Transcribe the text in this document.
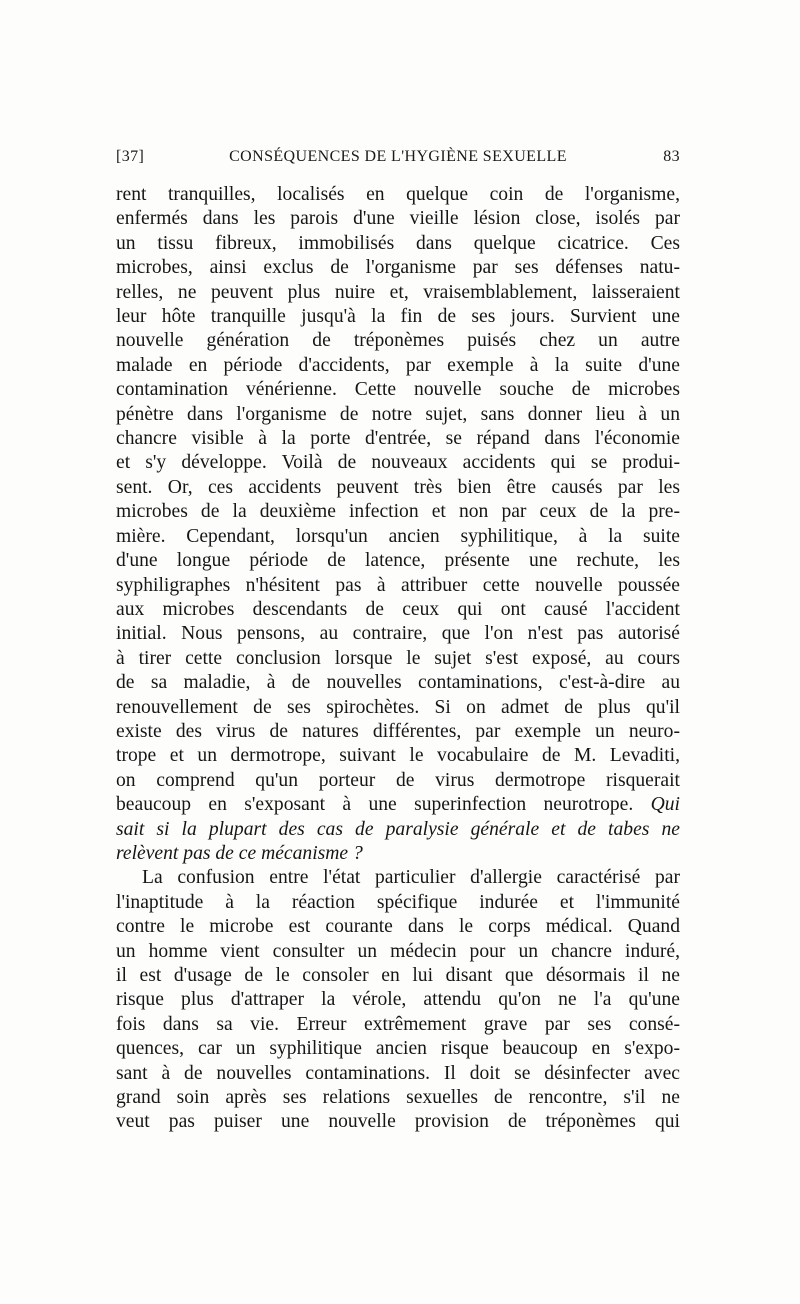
CONSÉQUENCES DE L'HYGIÈNE SEXUELLE
[37]	83
rent tranquilles, localisés en quelque coin de l'organisme,
enfermés dans les parois d'une vieille lésion close, isolés par
un tissu fibreux, immobilisés dans quelque cicatrice. Ces
microbes, ainsi exclus de l'organisme par ses défenses natu-
relles, ne peuvent plus nuire et, vraisemblablement, laisseraient
leur hôte tranquille jusqu'à la fin de ses jours. Survient une
nouvelle génération de tréponèmes puisés chez un autre
malade en période d'accidents, par exemple à la suite d'une
contamination vénérienne. Cette nouvelle souche de microbes
pénètre dans l'organisme de notre sujet, sans donner lieu à un
chancre visible à la porte d'entrée, se répand dans l'économie
et s'y développe. Voilà de nouveaux accidents qui se produi-
sent. Or, ces accidents peuvent très bien être causés par les
microbes de la deuxième infection et non par ceux de la pre-
mière. Cependant, lorsqu'un ancien syphilitique, à la suite
d'une longue période de latence, présente une rechute, les
syphiligraphes n'hésitent pas à attribuer cette nouvelle poussée
aux microbes descendants de ceux qui ont causé l'accident
initial. Nous pensons, au contraire, que l'on n'est pas autorisé
à tirer cette conclusion lorsque le sujet s'est exposé, au cours
de sa maladie, à de nouvelles contaminations, c'est-à-dire au
renouvellement de ses spirochètes. Si on admet de plus qu'il
existe des virus de natures différentes, par exemple un neuro-
trope et un dermotrope, suivant le vocabulaire de M. Levaditi,
on comprend qu'un porteur de virus dermotrope risquerait
beaucoup en s'exposant à une superinfection neurotrope. Qui
sait si la plupart des cas de paralysie générale et de tabes ne
relèvent pas de ce mécanisme ?
La confusion entre l'état particulier d'allergie caractérisé par
l'inaptitude à la réaction spécifique indurée et l'immunité
contre le microbe est courante dans le corps médical. Quand
un homme vient consulter un médecin pour un chancre induré,
il est d'usage de le consoler en lui disant que désormais il ne
risque plus d'attraper la vérole, attendu qu'on ne l'a qu'une
fois dans sa vie. Erreur extrêmement grave par ses consé-
quences, car un syphilitique ancien risque beaucoup en s'expo-
sant à de nouvelles contaminations. Il doit se désinfecter avec
grand soin après ses relations sexuelles de rencontre, s'il ne
veut pas puiser une nouvelle provision de tréponèmes qui
